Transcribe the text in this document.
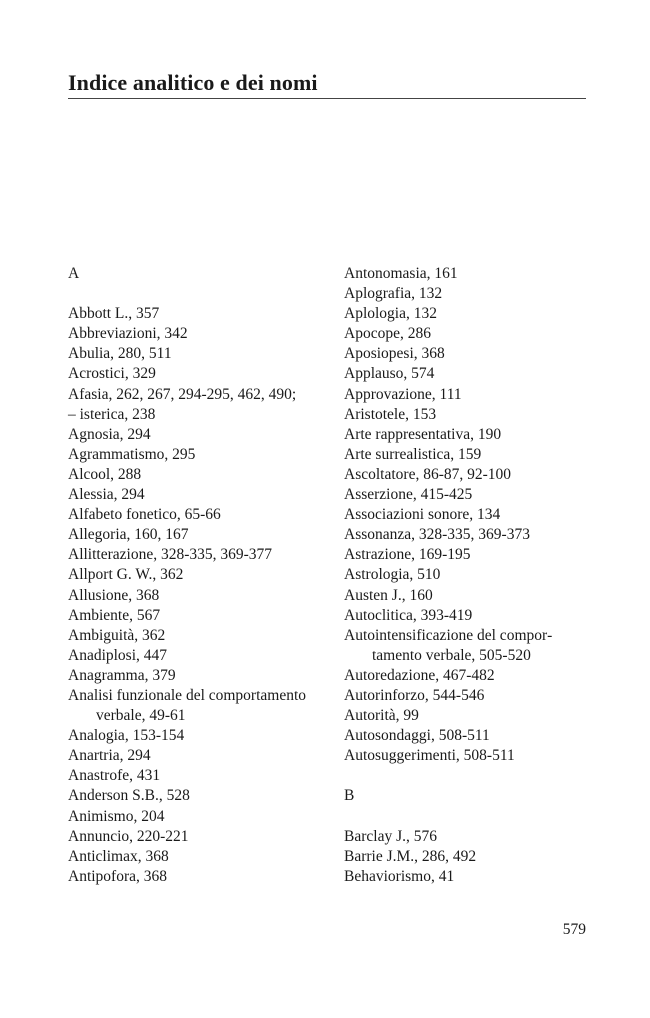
Indice analitico e dei nomi

A

Abbott L., 357

Abbreviazioni, 342

Abulia, 280, 511

Acrostici, 329

Afasia, 262, 267, 294-295, 462, 490;

– isterica, 238

Agnosia, 294

Agrammatismo, 295

Alcool, 288

Alessia, 294

Alfabeto fonetico, 65-66

Allegoria, 160, 167

Allitterazione, 328-335, 369-377

Allport G. W., 362

Allusione, 368

Ambiente, 567

Ambiguità, 362

Anadiplosi, 447

Anagramma, 379

Analisi funzionale del comportamento verbale, 49-61

Analogia, 153-154

Anartria, 294

Anastrofe, 431

Anderson S.B., 528

Animismo, 204

Annuncio, 220-221

Anticlimax, 368

Antipofora, 368

Antonomasia, 161

Aplografia, 132

Aplologia, 132

Apocope, 286

Aposiopesi, 368

Applauso, 574

Approvazione, 111

Aristotele, 153

Arte rappresentativa, 190

Arte surrealistica, 159

Ascoltatore, 86-87, 92-100

Asserzione, 415-425

Associazioni sonore, 134

Assonanza, 328-335, 369-373

Astrazione, 169-195

Astrologia, 510

Austen J., 160

Autoclitica, 393-419

Autointensificazione del comportamento verbale, 505-520

Autoredazione, 467-482

Autorinforzo, 544-546

Autorità, 99

Autosondaggi, 508-511

Autosuggerimenti, 508-511

B

Barclay J., 576

Barrie J.M., 286, 492

Behaviorismo, 41

579
